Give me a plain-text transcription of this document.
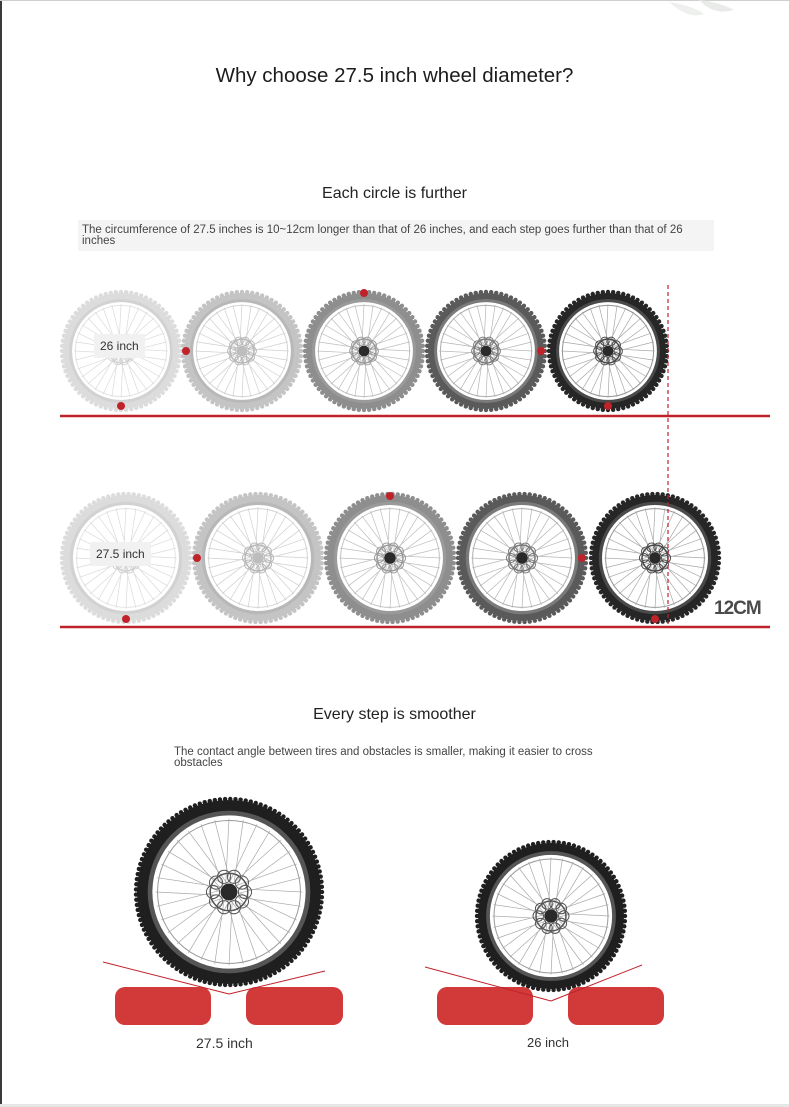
Why choose 27.5 inch wheel diameter?
Each circle is further
The circumference of 27.5 inches is 10~12cm longer than that of 26 inches, and each step goes further than that of 26 inches
26 inch
27.5 inch
12CM
Every step is smoother
The contact angle between tires and obstacles is smaller, making it easier to cross obstacles
27.5 inch	26 inch
